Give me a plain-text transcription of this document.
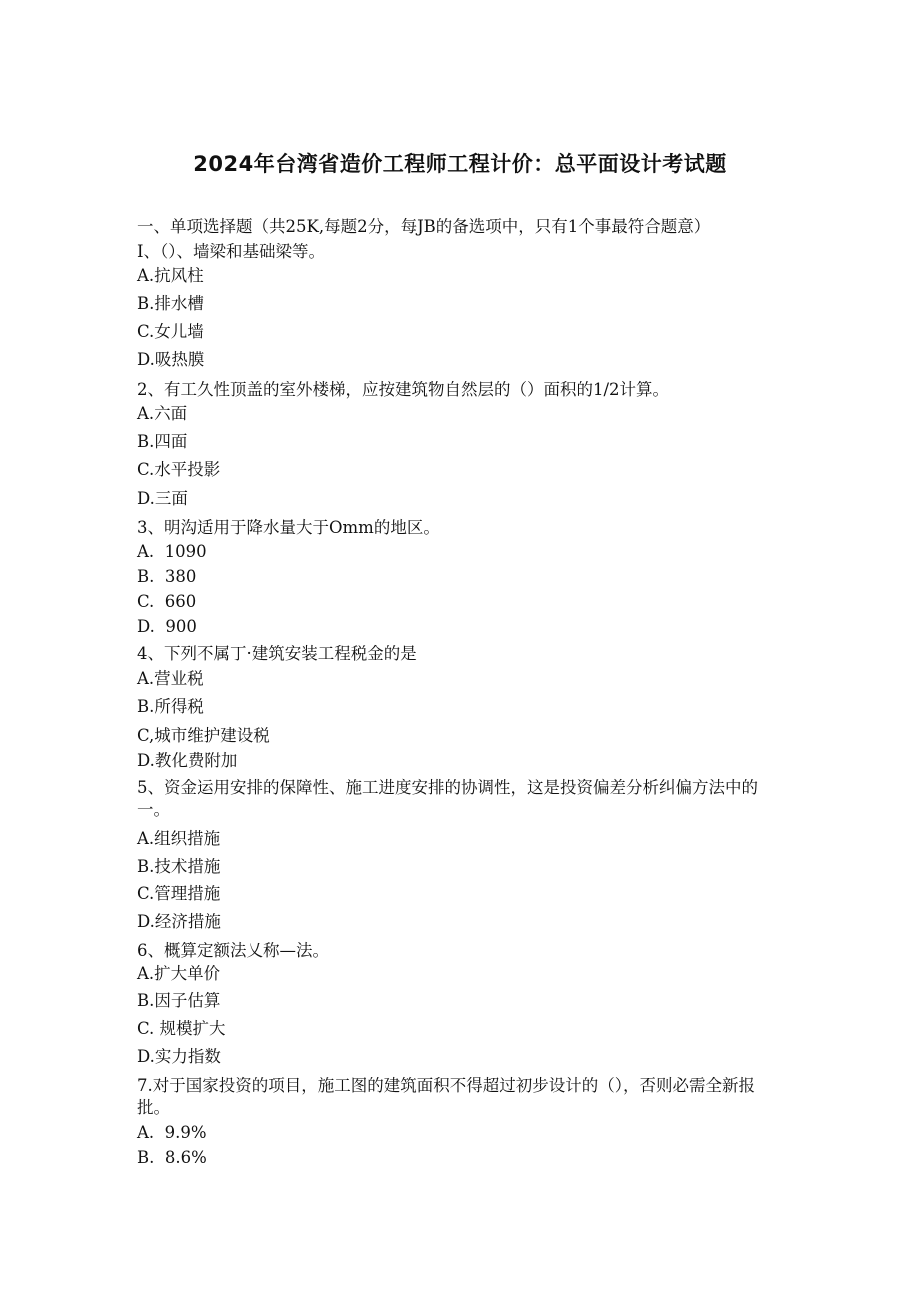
2024年台湾省造价工程师工程计价：总平面设计考试题
一、单项选择题（共25K,每题2分，每JB的备选项中，只有1个事最符合题意）
I、（）、墙梁和基础梁等。
A.抗风柱
B.排水槽
C.女儿墙
D.吸热膜
2、有工久性顶盖的室外楼梯，应按建筑物自然层的（）面积的1/2计算。
A.六面
B.四面
C.水平投影
D.三面
3、明沟适用于降水量大于Omm的地区。
A.  1090
B.  380
C.  660
D.  900
4、下列不属丁·建筑安装工程税金的是
A.营业税
B.所得税
C,城市维护建设税
D.教化费附加
5、资金运用安排的保障性、施工进度安排的协调性，这是投资偏差分析纠偏方法中的一。
A.组织措施
B.技术措施
C.管理措施
D.经济措施
6、概算定额法乂称—法。
A.扩大单价
B.因子估算
C. 规模扩大
D.实力指数
7.对于国家投资的项目，施工图的建筑面积不得超过初步设计的（），否则必需全新报批。
A.  9.9%
B.  8.6%
